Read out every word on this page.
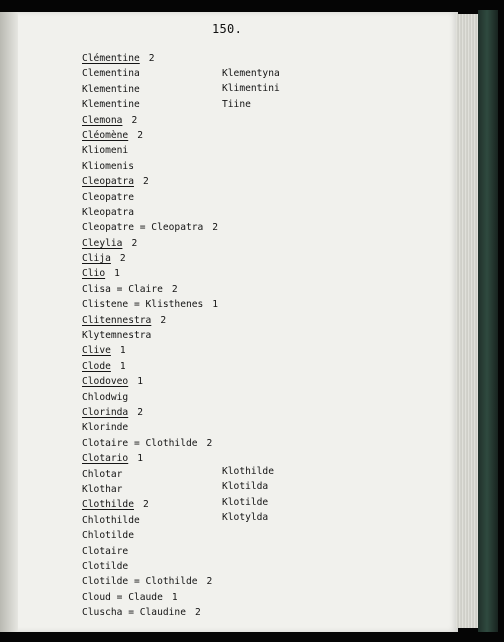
150.
Clémentine 2
Clementina
Klementine
Klementine
Clemona 2
Cléomène 2
Kliomeni
Kliomenis
Cleopatra 2
Cleopatre
Kleopatra
Cleopatre = Cleopatra 2
Cleylia 2
Clija 2
Clio 1
Clisa = Claire 2
Clistene = Klisthenes 1
Clitennestra 2
Klytemnestra
Clive 1
Clode 1
Clodoveo 1
Chlodwig
Clorinda 2
Klorinde
Clotaire = Clothilde 2
Clotario 1
Chlotar
Klothar
Clothilde 2
Chlothilde
Chlotilde
Clotaire
Clotilde
Clotilde = Clothilde 2
Cloud = Claude 1
Cluscha = Claudine 2
Klementyna
Klimentini
Tiine
Klothilde
Klotilda
Klotilde
Klotylda
